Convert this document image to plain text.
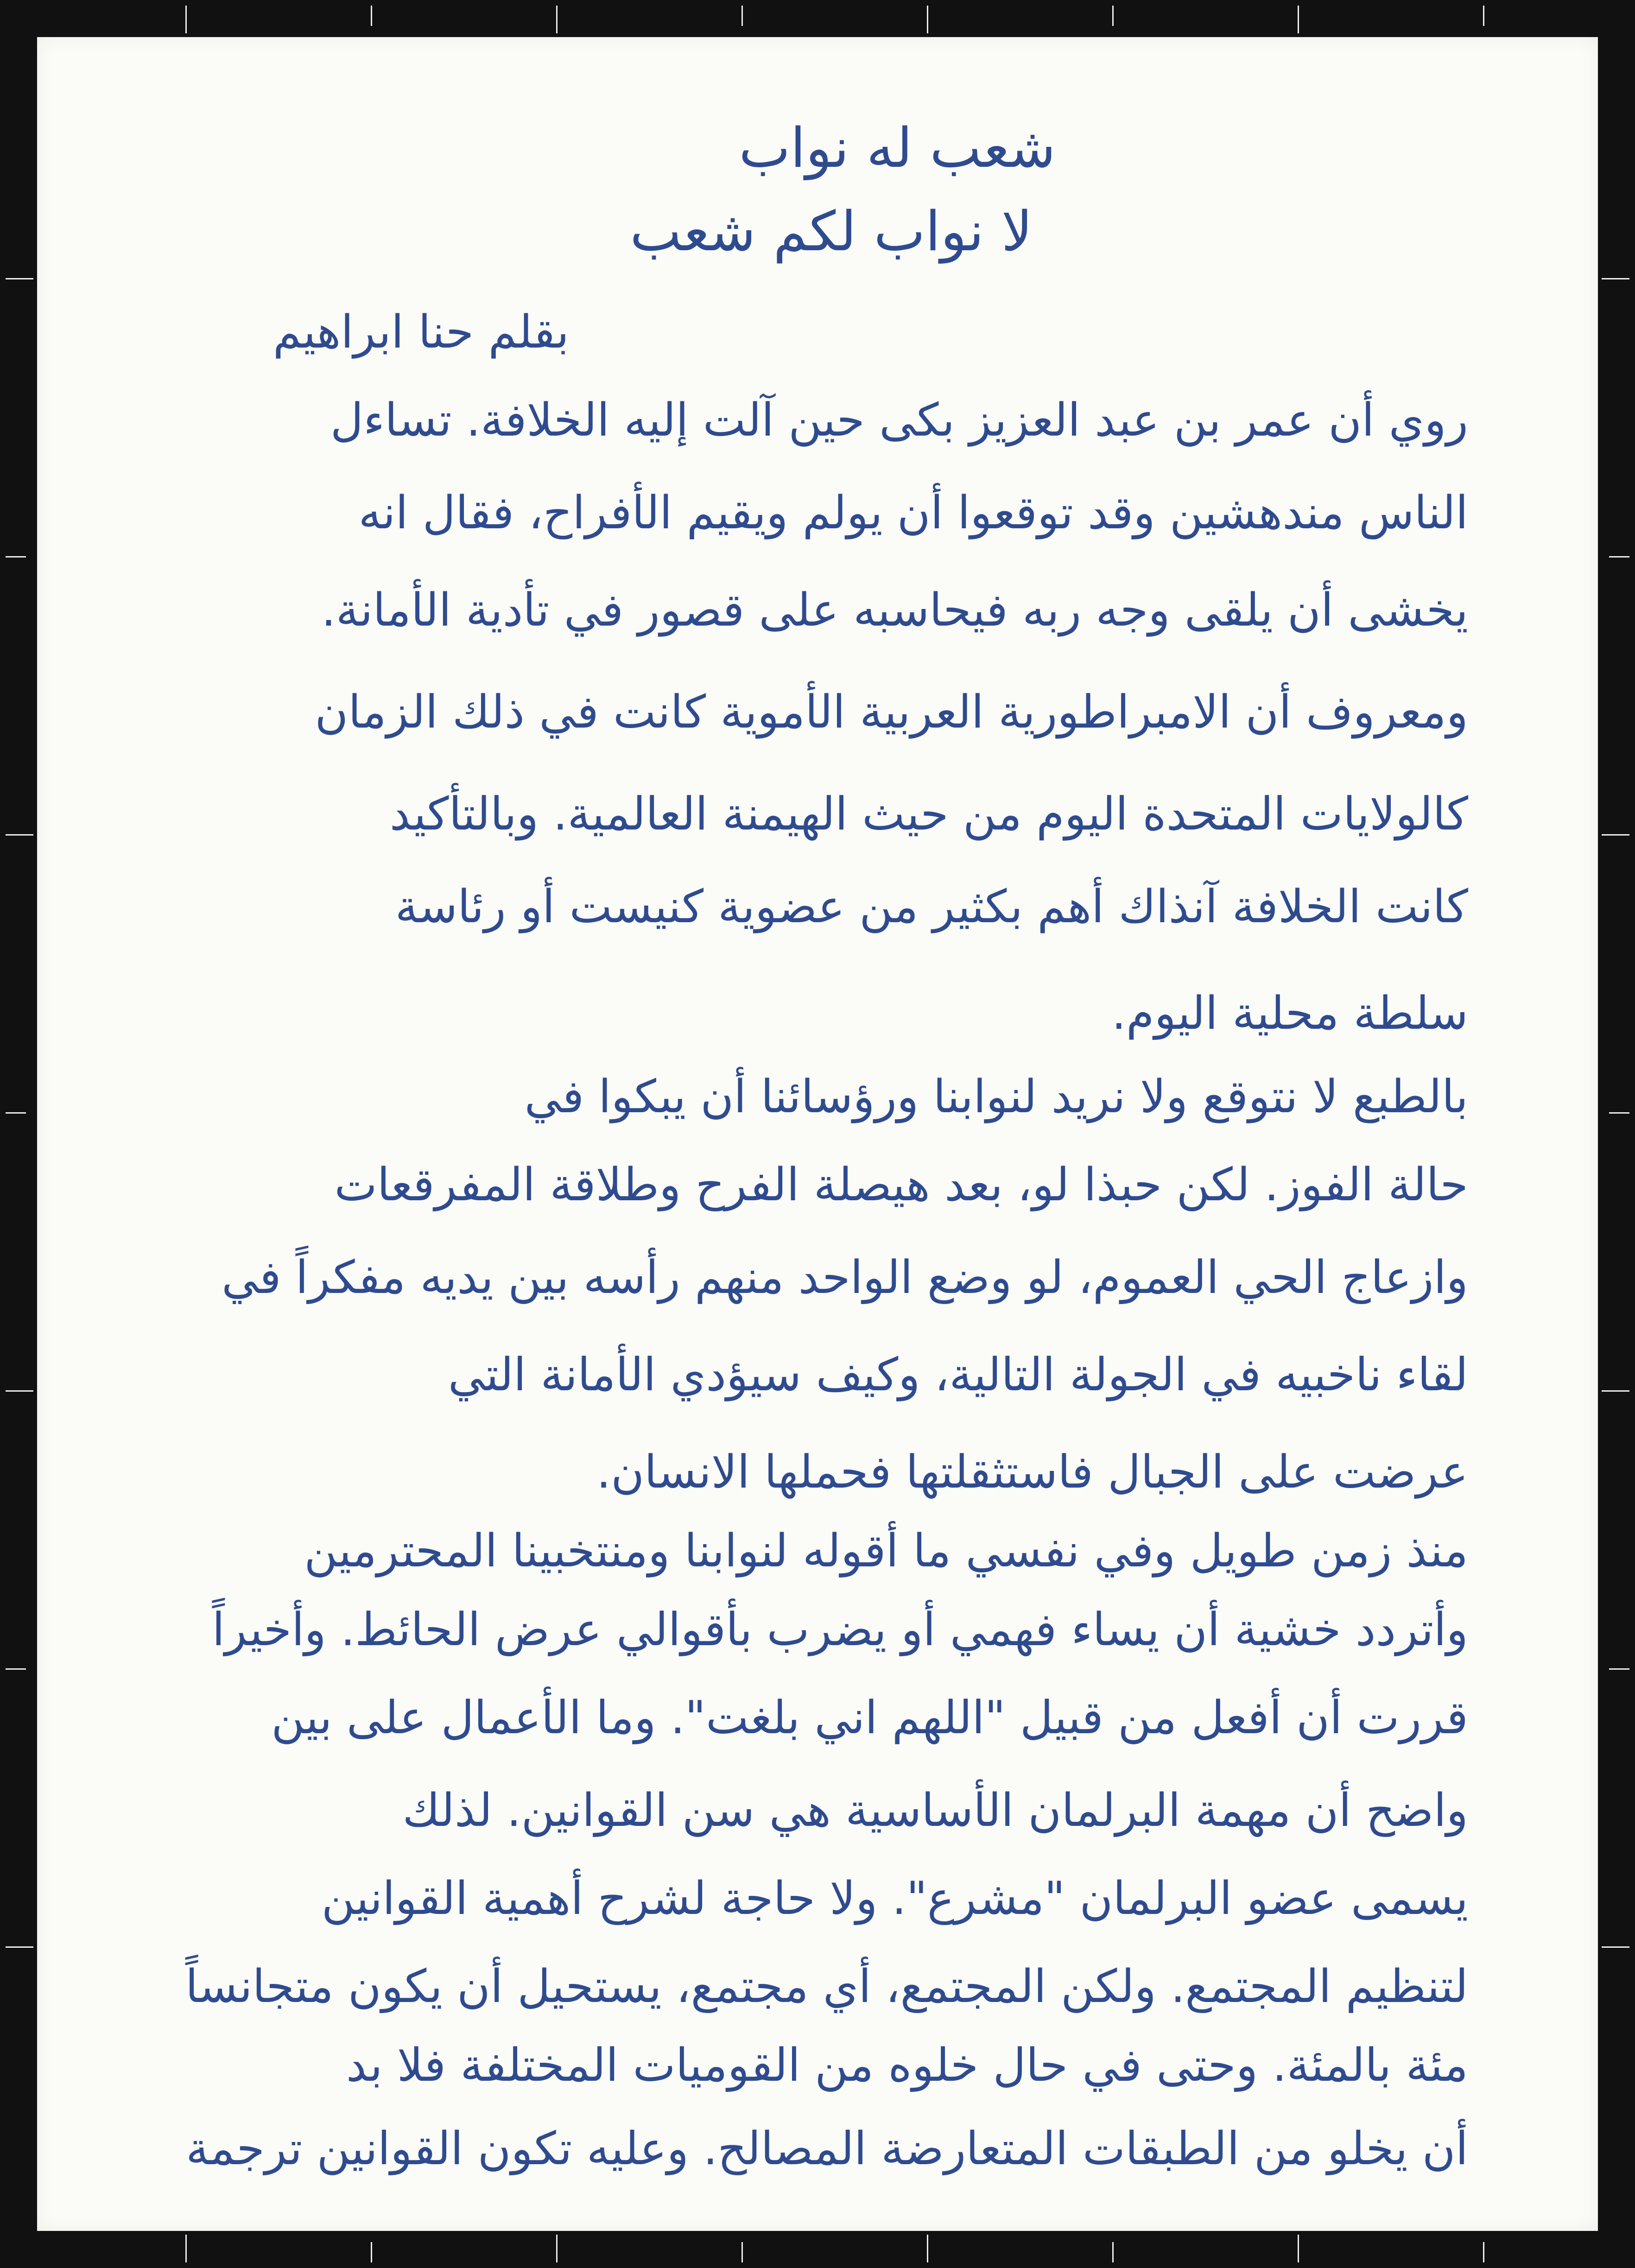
شعب له نواب

لا نواب لكم شعب

بقلم حنا ابراهيم

روي أن عمر بن عبد العزيز بكى حين آلت إليه الخلافة. تساءل

الناس مندهشين وقد توقعوا أن يولم ويقيم الأفراح، فقال انه

يخشى أن يلقى وجه ربه فيحاسبه على قصور في تأدية الأمانة.

ومعروف أن الامبراطورية العربية الأموية كانت في ذلك الزمان

كالولايات المتحدة اليوم من حيث الهيمنة العالمية. وبالتأكيد

كانت الخلافة آنذاك أهم بكثير من عضوية كنيست أو رئاسة

سلطة محلية اليوم.

بالطبع لا نتوقع ولا نريد لنوابنا ورؤسائنا أن يبكوا في

حالة الفوز. لكن حبذا لو، بعد هيصلة الفرح وطلاقة المفرقعات

وازعاج الحي العموم، لو وضع الواحد منهم رأسه بين يديه مفكراً في

لقاء ناخبيه في الجولة التالية، وكيف سيؤدي الأمانة التي

عرضت على الجبال فاستثقلتها فحملها الانسان.

منذ زمن طويل وفي نفسي ما أقوله لنوابنا ومنتخبينا المحترمين

وأتردد خشية أن يساء فهمي أو يضرب بأقوالي عرض الحائط. وأخيراً

قررت أن أفعل من قبيل "اللهم اني بلغت". وما الأعمال على بين

واضح أن مهمة البرلمان الأساسية هي سن القوانين. لذلك

يسمى عضو البرلمان "مشرع". ولا حاجة لشرح أهمية القوانين

لتنظيم المجتمع. ولكن المجتمع، أي مجتمع، يستحيل أن يكون متجانساً

مئة بالمئة. وحتى في حال خلوه من القوميات المختلفة فلا بد

أن يخلو من الطبقات المتعارضة المصالح. وعليه تكون القوانين ترجمة
